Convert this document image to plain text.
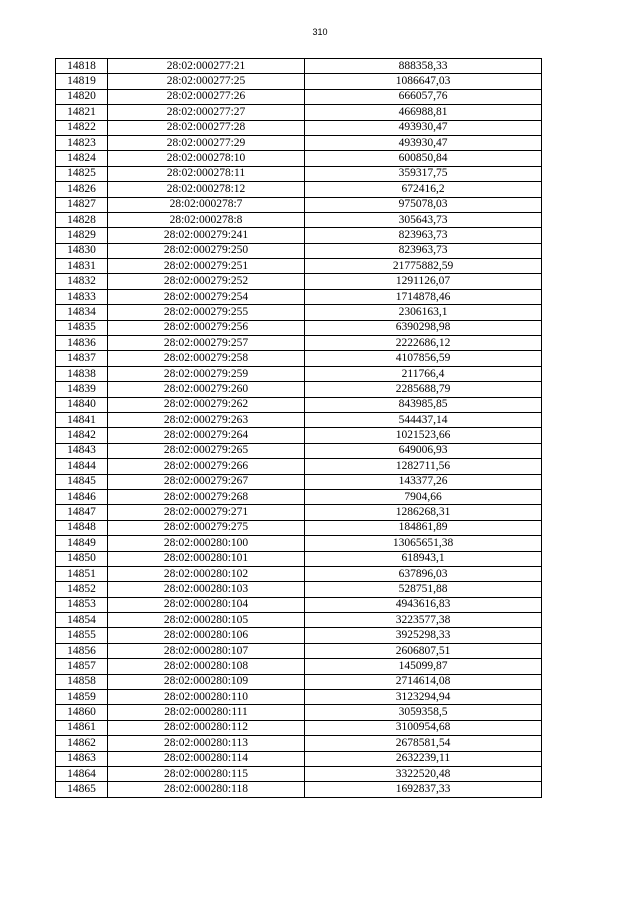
310
14818	28:02:000277:21	888358,33
14819	28:02:000277:25	1086647,03
14820	28:02:000277:26	666057,76
14821	28:02:000277:27	466988,81
14822	28:02:000277:28	493930,47
14823	28:02:000277:29	493930,47
14824	28:02:000278:10	600850,84
14825	28:02:000278:11	359317,75
14826	28:02:000278:12	672416,2
14827	28:02:000278:7	975078,03
14828	28:02:000278:8	305643,73
14829	28:02:000279:241	823963,73
14830	28:02:000279:250	823963,73
14831	28:02:000279:251	21775882,59
14832	28:02:000279:252	1291126,07
14833	28:02:000279:254	1714878,46
14834	28:02:000279:255	2306163,1
14835	28:02:000279:256	6390298,98
14836	28:02:000279:257	2222686,12
14837	28:02:000279:258	4107856,59
14838	28:02:000279:259	211766,4
14839	28:02:000279:260	2285688,79
14840	28:02:000279:262	843985,85
14841	28:02:000279:263	544437,14
14842	28:02:000279:264	1021523,66
14843	28:02:000279:265	649006,93
14844	28:02:000279:266	1282711,56
14845	28:02:000279:267	143377,26
14846	28:02:000279:268	7904,66
14847	28:02:000279:271	1286268,31
14848	28:02:000279:275	184861,89
14849	28:02:000280:100	13065651,38
14850	28:02:000280:101	618943,1
14851	28:02:000280:102	637896,03
14852	28:02:000280:103	528751,88
14853	28:02:000280:104	4943616,83
14854	28:02:000280:105	3223577,38
14855	28:02:000280:106	3925298,33
14856	28:02:000280:107	2606807,51
14857	28:02:000280:108	145099,87
14858	28:02:000280:109	2714614,08
14859	28:02:000280:110	3123294,94
14860	28:02:000280:111	3059358,5
14861	28:02:000280:112	3100954,68
14862	28:02:000280:113	2678581,54
14863	28:02:000280:114	2632239,11
14864	28:02:000280:115	3322520,48
14865	28:02:000280:118	1692837,33
